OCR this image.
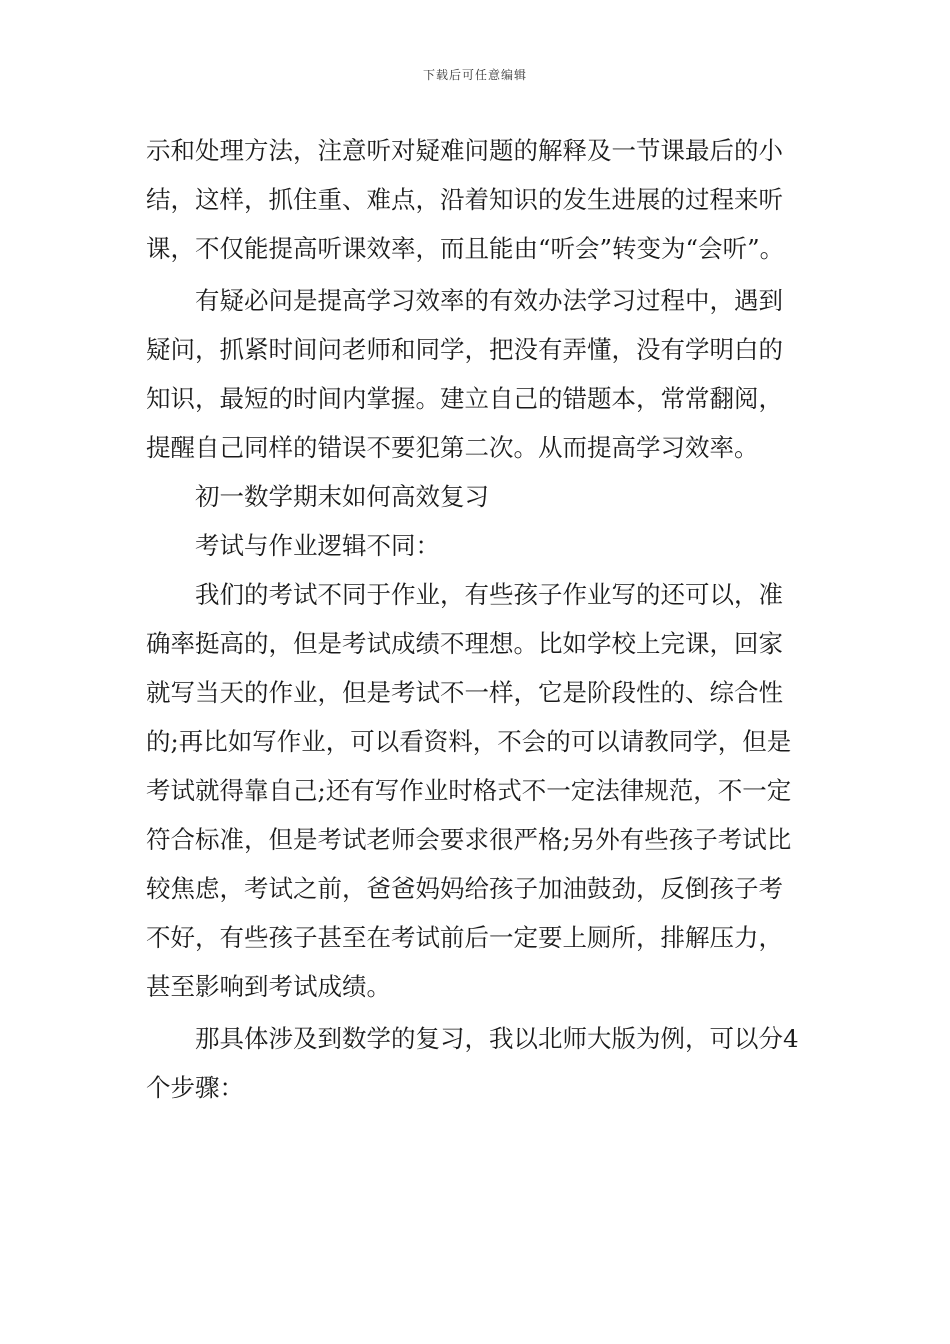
下载后可任意编辑

示和处理方法，注意听对疑难问题的解释及一节课最后的小结，这样，抓住重、难点，沿着知识的发生进展的过程来听课，不仅能提高听课效率，而且能由“听会”转变为“会听”。

有疑必问是提高学习效率的有效办法学习过程中，遇到疑问，抓紧时间问老师和同学，把没有弄懂，没有学明白的知识，最短的时间内掌握。建立自己的错题本，常常翻阅，提醒自己同样的错误不要犯第二次。从而提高学习效率。

初一数学期末如何高效复习

考试与作业逻辑不同：

我们的考试不同于作业，有些孩子作业写的还可以，准确率挺高的，但是考试成绩不理想。比如学校上完课，回家就写当天的作业，但是考试不一样，它是阶段性的、综合性的;再比如写作业，可以看资料，不会的可以请教同学，但是考试就得靠自己;还有写作业时格式不一定法律规范，不一定符合标准，但是考试老师会要求很严格;另外有些孩子考试比较焦虑，考试之前，爸爸妈妈给孩子加油鼓劲，反倒孩子考不好，有些孩子甚至在考试前后一定要上厕所，排解压力，甚至影响到考试成绩。

那具体涉及到数学的复习，我以北师大版为例，可以分4个步骤：
